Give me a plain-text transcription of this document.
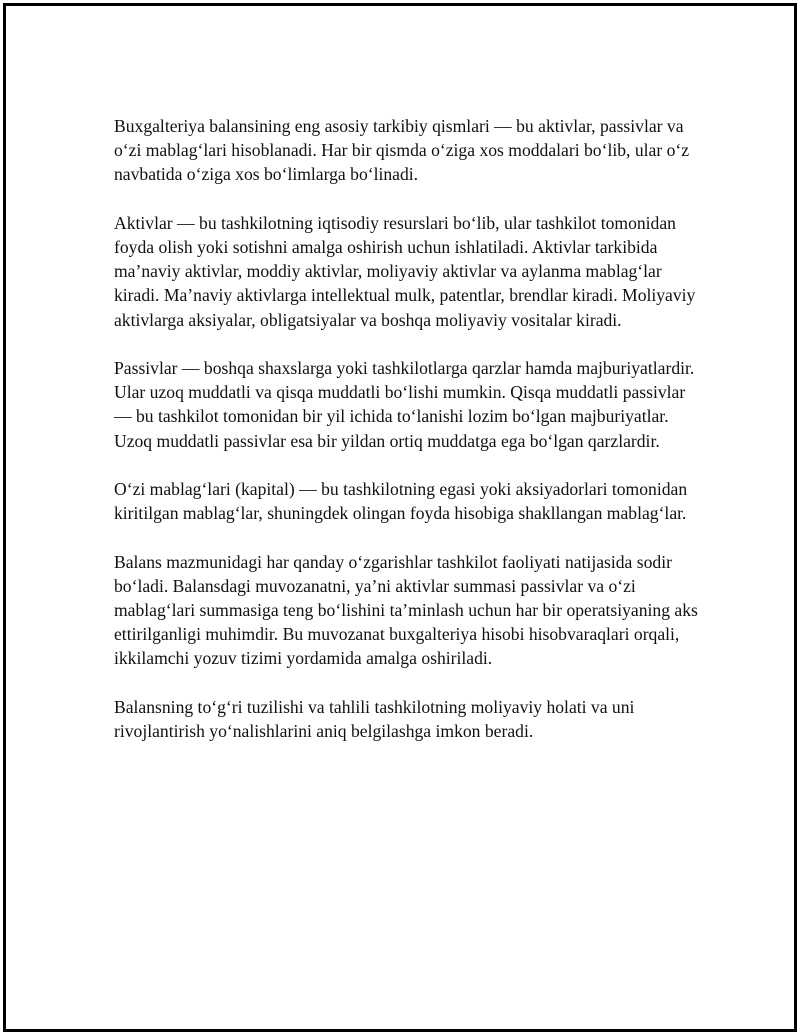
Buxgalteriya balansining eng asosiy tarkibiy qismlari — bu aktivlar, passivlar va o‘zi mablag‘lari hisoblanadi. Har bir qismda o‘ziga xos moddalari bo‘lib, ular o‘z navbatida o‘ziga xos bo‘limlarga bo‘linadi.

Aktivlar — bu tashkilotning iqtisodiy resurslari bo‘lib, ular tashkilot tomonidan foyda olish yoki sotishni amalga oshirish uchun ishlatiladi. Aktivlar tarkibida ma’naviy aktivlar, moddiy aktivlar, moliyaviy aktivlar va aylanma mablag‘lar kiradi. Ma’naviy aktivlarga intellektual mulk, patentlar, brendlar kiradi. Moliyaviy aktivlarga aksiyalar, obligatsiyalar va boshqa moliyaviy vositalar kiradi.

Passivlar — boshqa shaxslarga yoki tashkilotlarga qarzlar hamda majburiyatlardir. Ular uzoq muddatli va qisqa muddatli bo‘lishi mumkin. Qisqa muddatli passivlar — bu tashkilot tomonidan bir yil ichida to‘lanishi lozim bo‘lgan majburiyatlar. Uzoq muddatli passivlar esa bir yildan ortiq muddatga ega bo‘lgan qarzlardir.

O‘zi mablag‘lari (kapital) — bu tashkilotning egasi yoki aksiyadorlari tomonidan kiritilgan mablag‘lar, shuningdek olingan foyda hisobiga shakllangan mablag‘lar.

Balans mazmunidagi har qanday o‘zgarishlar tashkilot faoliyati natijasida sodir bo‘ladi. Balansdagi muvozanatni, ya’ni aktivlar summasi passivlar va o‘zi mablag‘lari summasiga teng bo‘lishini ta’minlash uchun har bir operatsiyaning aks ettirilganligi muhimdir. Bu muvozanat buxgalteriya hisobi hisobvaraqlari orqali, ikkilamchi yozuv tizimi yordamida amalga oshiriladi.

Balansning to‘g‘ri tuzilishi va tahlili tashkilotning moliyaviy holati va uni rivojlantirish yo‘nalishlarini aniq belgilashga imkon beradi.
